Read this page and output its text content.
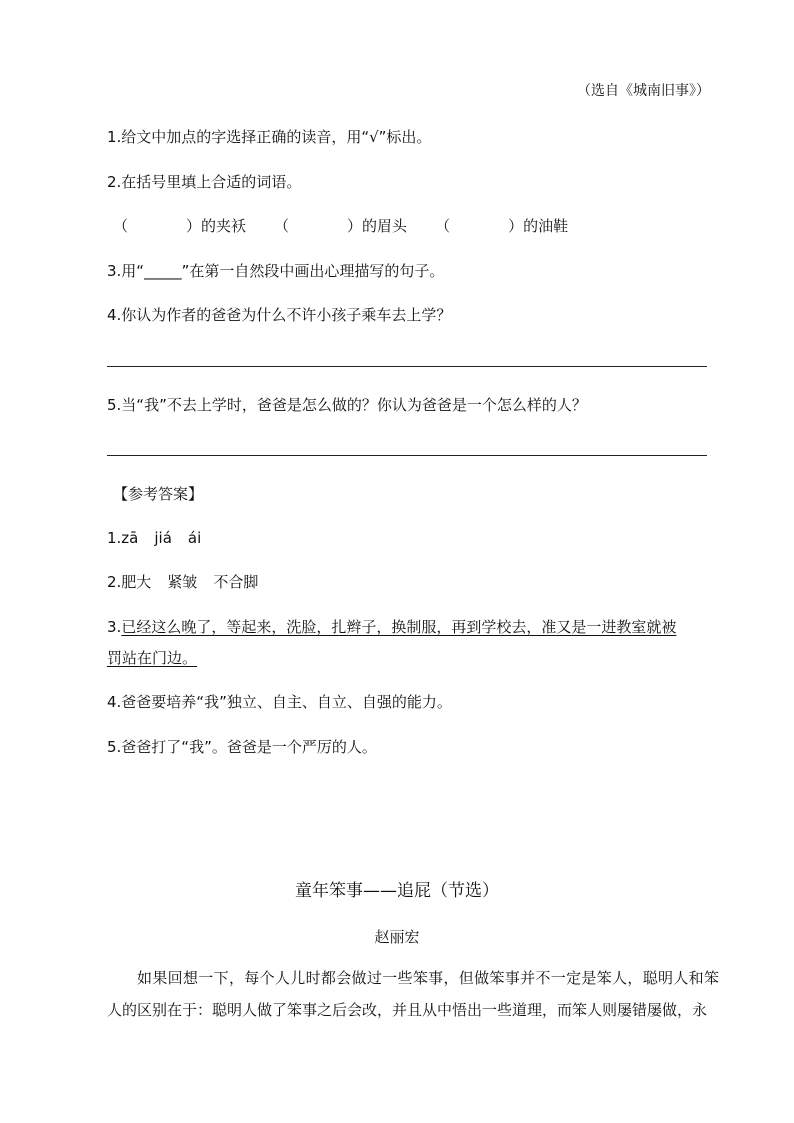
（选自《城南旧事》）
1.给文中加点的字选择正确的读音，用“√”标出。
2.在括号里填上合适的词语。
（	）的夹袄 （	）的眉头 （	）的油鞋
3.用“_____”在第一自然段中画出心理描写的句子。
4.你认为作者的爸爸为什么不许小孩子乘车去上学？
5.当“我”不去上学时，爸爸是怎么做的？你认为爸爸是一个怎么样的人？
【参考答案】
1.zā jiá ái
2.肥大 紧皱 不合脚
3.已经这么晚了，等起来，洗脸，扎辫子，换制服，再到学校去，准又是一进教室就被
罚站在门边。
4.爸爸要培养“我”独立、自主、自立、自强的能力。
5.爸爸打了“我”。爸爸是一个严厉的人。
童年笨事——追屁（节选）
赵丽宏
如果回想一下，每个人儿时都会做过一些笨事，但做笨事并不一定是笨人，聪明人和笨人的区别在于：聪明人做了笨事之后会改，并且从中悟出一些道理，而笨人则屡错屡做，永
